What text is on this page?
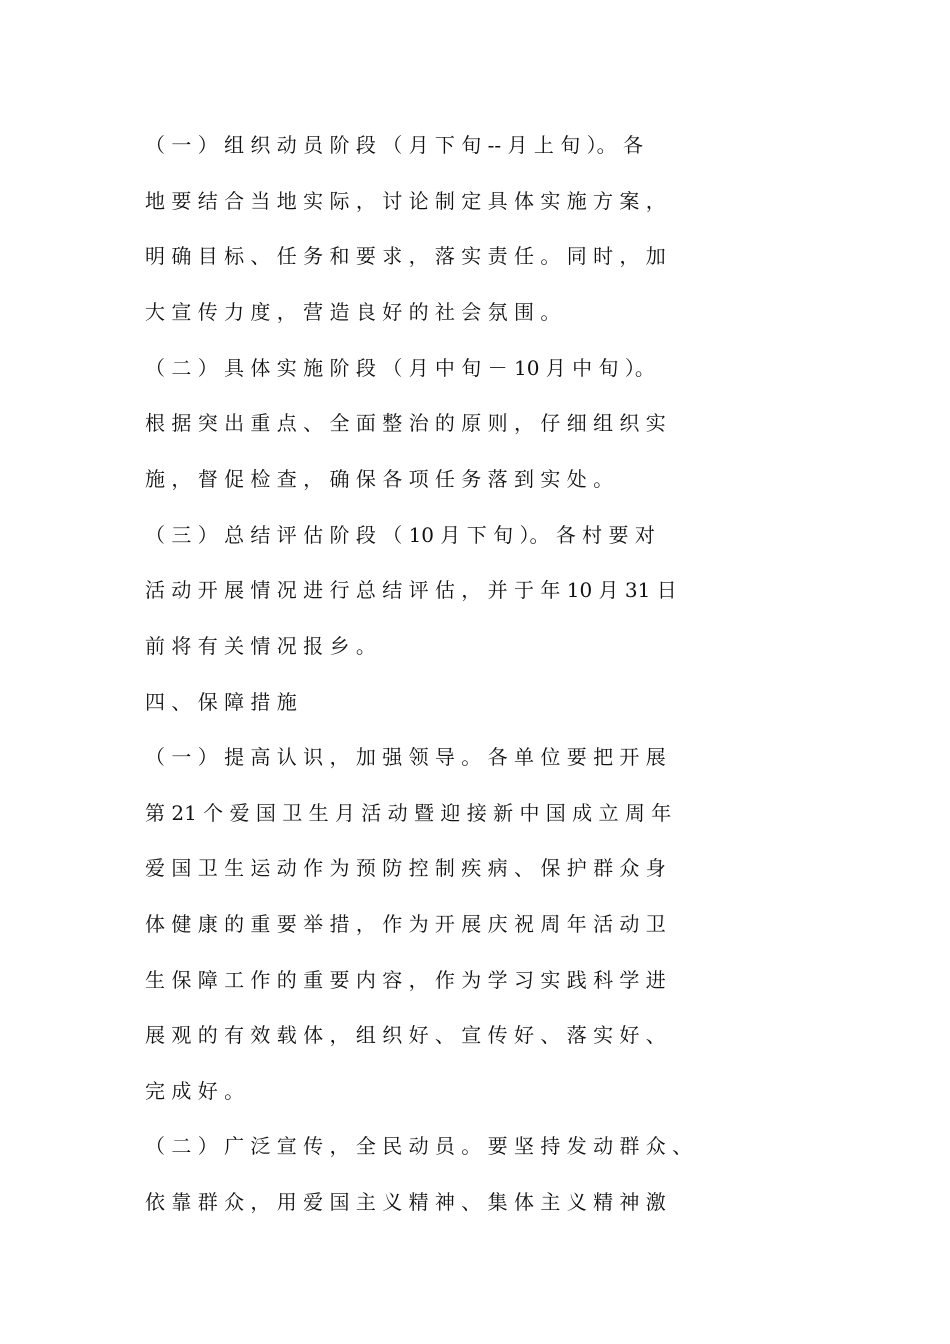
（ 一 ） 组 织 动 员 阶 段 （ 月 下 旬 -- 月 上 旬 ）。 各
地 要 结 合 当 地 实 际 ， 讨 论 制 定 具 体 实 施 方 案 ，
明 确 目 标 、 任 务 和 要 求 ， 落 实 责 任 。 同 时 ， 加
大 宣 传 力 度 ， 营 造 良 好 的 社 会 氛 围 。
（ 二 ） 具 体 实 施 阶 段 （ 月 中 旬 － 10 月 中 旬 ）。
根 据 突 出 重 点 、 全 面 整 治 的 原 则 ， 仔 细 组 织 实
施 ， 督 促 检 查 ， 确 保 各 项 任 务 落 到 实 处 。
（ 三 ） 总 结 评 估 阶 段 （ 10 月 下 旬 ）。 各 村 要 对
活 动 开 展 情 况 进 行 总 结 评 估 ， 并 于 年 10 月 31 日
前 将 有 关 情 况 报 乡 。
四 、 保 障 措 施
（ 一 ） 提 高 认 识 ， 加 强 领 导 。 各 单 位 要 把 开 展
第 21 个 爱 国 卫 生 月 活 动 暨 迎 接 新 中 国 成 立 周 年
爱 国 卫 生 运 动 作 为 预 防 控 制 疾 病 、 保 护 群 众 身
体 健 康 的 重 要 举 措 ， 作 为 开 展 庆 祝 周 年 活 动 卫
生 保 障 工 作 的 重 要 内 容 ， 作 为 学 习 实 践 科 学 进
展 观 的 有 效 载 体 ， 组 织 好 、 宣 传 好 、 落 实 好 、
完 成 好 。
（ 二 ） 广 泛 宣 传 ， 全 民 动 员 。 要 坚 持 发 动 群 众 、
依 靠 群 众 ， 用 爱 国 主 义 精 神 、 集 体 主 义 精 神 激
